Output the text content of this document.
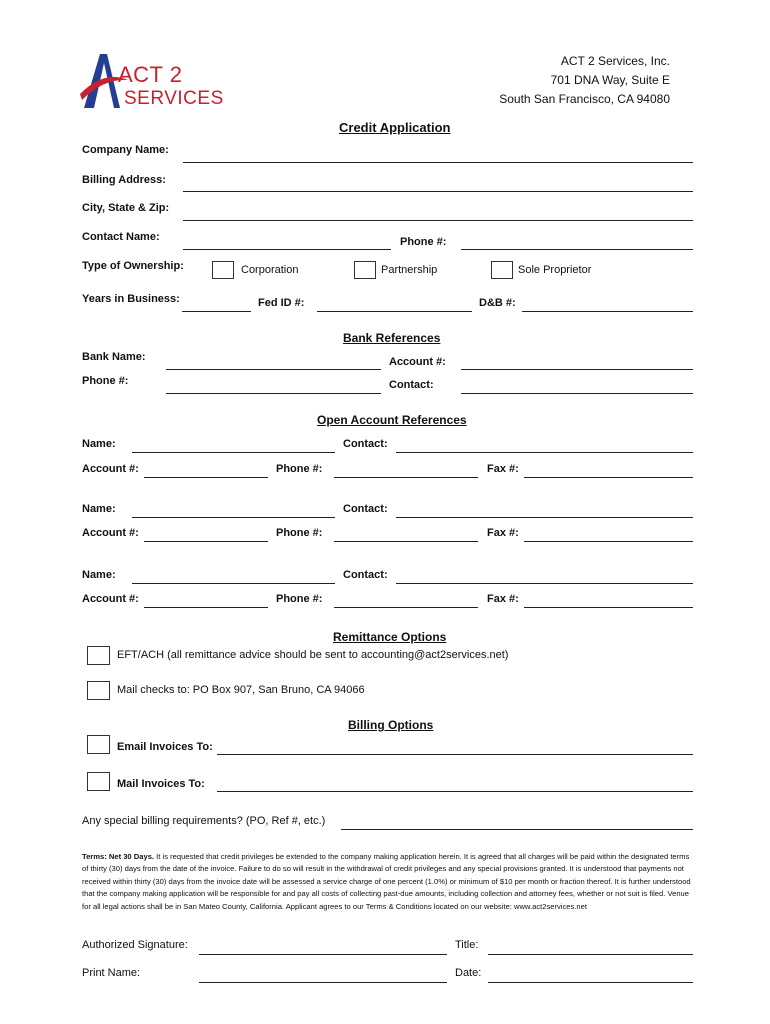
ACT 2
SERVICES
ACT 2 Services, Inc.
701 DNA Way, Suite E
South San Francisco, CA 94080
Credit Application
Company Name:
Billing Address:
City, State & Zip:
Contact Name:	Phone #:
Type of Ownership:	Corporation	Partnership	Sole Proprietor
Years in Business:	Fed ID #:	D&B #:
Bank References
Bank Name:	Account #:
Phone #:	Contact:
Open Account References
Name:	Contact:
Account #:	Phone #:	Fax #:
Name:	Contact:
Account #:	Phone #:	Fax #:
Name:	Contact:
Account #:	Phone #:	Fax #:
Remittance Options
EFT/ACH (all remittance advice should be sent to accounting@act2services.net)
Mail checks to: PO Box 907, San Bruno, CA 94066
Billing Options
Email Invoices To:
Mail Invoices To:
Any special billing requirements? (PO, Ref #, etc.)
Terms: Net 30 Days. It is requested that credit privileges be extended to the company making application herein. It is agreed that all charges will be paid within the designated terms of thirty (30) days from the date of the invoice. Failure to do so will result in the withdrawal of credit privileges and any special provisions granted. It is understood that payments not received within thirty (30) days from the invoice date will be assessed a service charge of one percent (1.0%) or minimum of $10 per month or fraction thereof. It is further understood that the company making application will be responsible for and pay all costs of collecting past-due amounts, including collection and attorney fees, whether or not suit is filed. Venue for all legal actions shall be in San Mateo County, California. Applicant agrees to our Terms & Conditions located on our website: www.act2services.net
Authorized Signature:	Title:
Print Name:	Date:
